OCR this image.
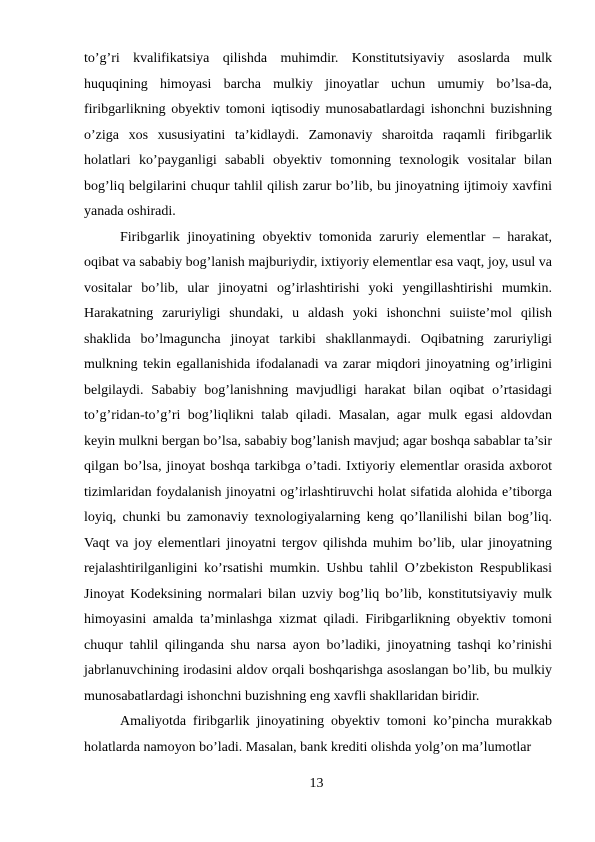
to’g’ri kvalifikatsiya qilishda muhimdir. Konstitutsiyaviy asoslarda mulk huquqining himoyasi barcha mulkiy jinoyatlar uchun umumiy bo’lsa-da, firibgarlikning obyektiv tomoni iqtisodiy munosabatlardagi ishonchni buzishning o’ziga xos xususiyatini ta’kidlaydi. Zamonaviy sharoitda raqamli firibgarlik holatlari ko’payganligi sababli obyektiv tomonning texnologik vositalar bilan bog’liq belgilarini chuqur tahlil qilish zarur bo’lib, bu jinoyatning ijtimoiy xavfini yanada oshiradi.

Firibgarlik jinoyatining obyektiv tomonida zaruriy elementlar – harakat, oqibat va sababiy bog’lanish majburiydir, ixtiyoriy elementlar esa vaqt, joy, usul va vositalar bo’lib, ular jinoyatni og’irlashtirishi yoki yengillashtirishi mumkin. Harakatning zaruriyligi shundaki, u aldash yoki ishonchni suiiste’mol qilish shaklida bo’lmaguncha jinoyat tarkibi shakllanmaydi. Oqibatning zaruriyligi mulkning tekin egallanishida ifodalanadi va zarar miqdori jinoyatning og’irligini belgilaydi. Sababiy bog’lanishning mavjudligi harakat bilan oqibat o’rtasidagi to’g’ridan-to’g’ri bog’liqlikni talab qiladi. Masalan, agar mulk egasi aldovdan keyin mulkni bergan bo’lsa, sababiy bog’lanish mavjud; agar boshqa sabablar ta’sir qilgan bo’lsa, jinoyat boshqa tarkibga o’tadi. Ixtiyoriy elementlar orasida axborot tizimlaridan foydalanish jinoyatni og’irlashtiruvchi holat sifatida alohida e’tiborga loyiq, chunki bu zamonaviy texnologiyalarning keng qo’llanilishi bilan bog’liq. Vaqt va joy elementlari jinoyatni tergov qilishda muhim bo’lib, ular jinoyatning rejalashtirilganligini ko’rsatishi mumkin. Ushbu tahlil O’zbekiston Respublikasi Jinoyat Kodeksining normalari bilan uzviy bog’liq bo’lib, konstitutsiyaviy mulk himoyasini amalda ta’minlashga xizmat qiladi. Firibgarlikning obyektiv tomoni chuqur tahlil qilinganda shu narsa ayon bo’ladiki, jinoyatning tashqi ko’rinishi jabrlanuvchining irodasini aldov orqali boshqarishga asoslangan bo’lib, bu mulkiy munosabatlardagi ishonchni buzishning eng xavfli shakllaridan biridir.

Amaliyotda firibgarlik jinoyatining obyektiv tomoni ko’pincha murakkab holatlarda namoyon bo’ladi. Masalan, bank krediti olishda yolg’on ma’lumotlar

13
